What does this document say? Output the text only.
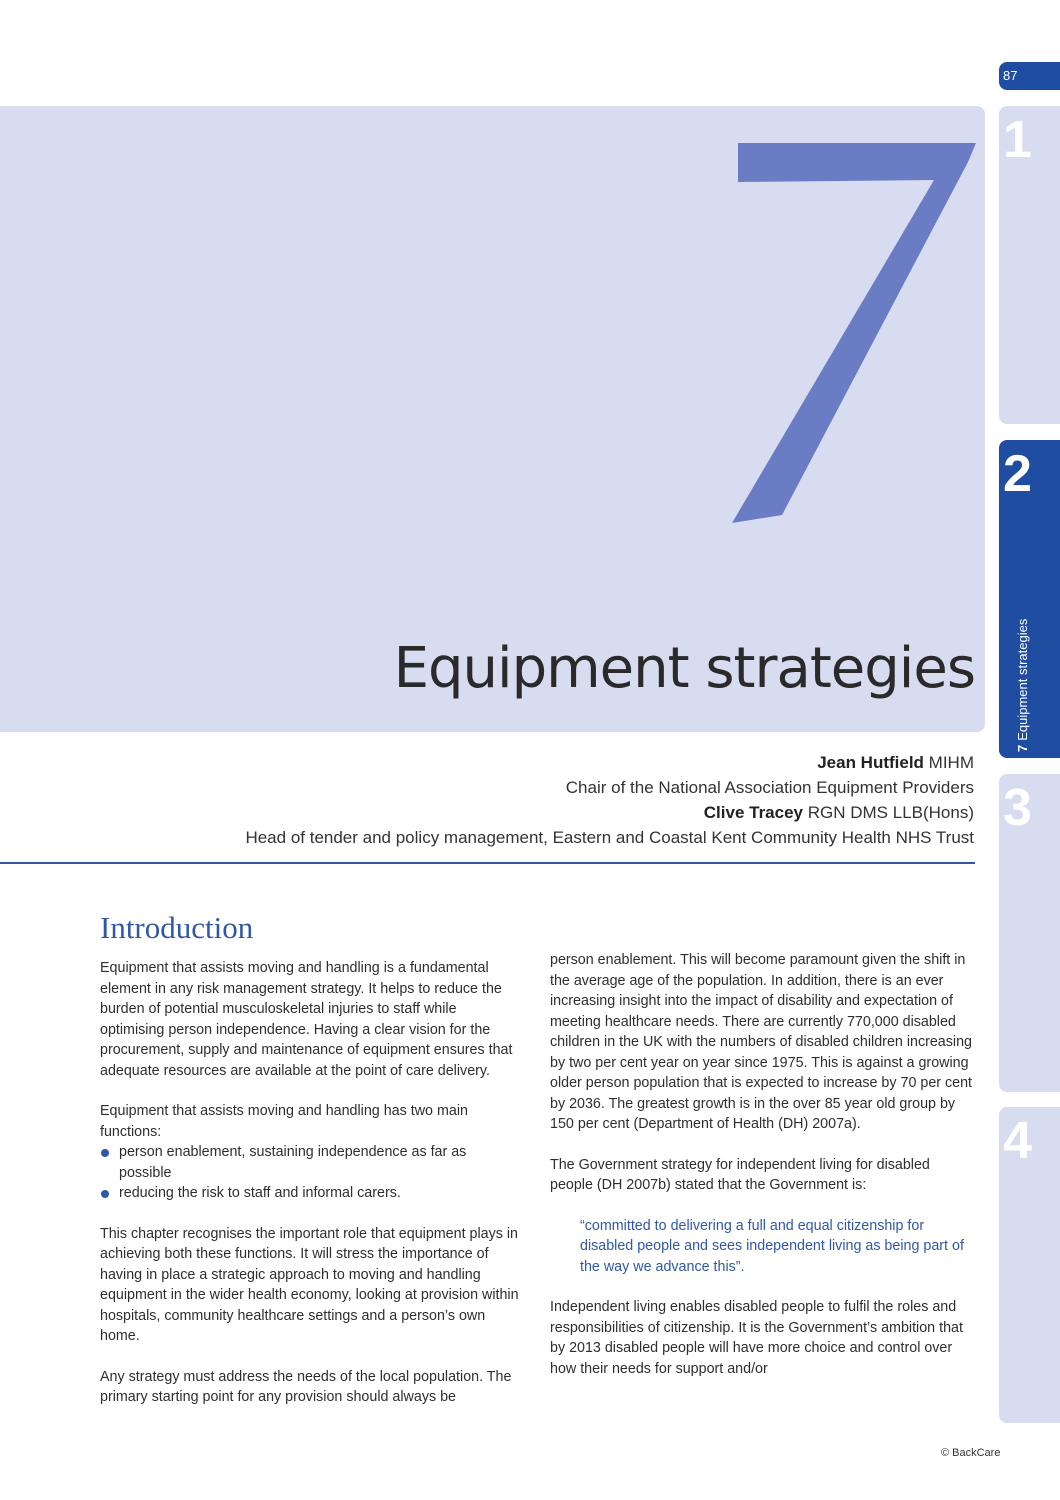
Equipment strategies
Jean Hutfield MIHM
Chair of the National Association Equipment Providers
Clive Tracey RGN DMS LLB(Hons)
Head of tender and policy management, Eastern and Coastal Kent Community Health NHS Trust
87
1
2
7Equipment strategies
3
4
Introduction

Equipment that assists moving and handling is a fundamental element in any risk management strategy. It helps to reduce the burden of potential musculoskeletal injuries to staff while optimising person independence. Having a clear vision for the procurement, supply and maintenance of equipment ensures that adequate resources are available at the point of care delivery.

Equipment that assists moving and handling has two main functions:

person enablement, sustaining independence as far as possible
reducing the risk to staff and informal carers.

This chapter recognises the important role that equipment plays in achieving both these functions. It will stress the importance of having in place a strategic approach to moving and handling equipment in the wider health economy, looking at provision within hospitals, community healthcare settings and a person’s own home.

Any strategy must address the needs of the local population. The primary starting point for any provision should always be

person enablement. This will become paramount given the shift in the average age of the population. In addition, there is an ever increasing insight into the impact of disability and expectation of meeting healthcare needs. There are currently 770,000 disabled children in the UK with the numbers of disabled children increasing by two per cent year on year since 1975. This is against a growing older person population that is expected to increase by 70 per cent by 2036. The greatest growth is in the over 85 year old group by 150 per cent (Department of Health (DH) 2007a).

The Government strategy for independent living for disabled people (DH 2007b) stated that the Government is:

“committed to delivering a full and equal citizenship for disabled people and sees independent living as being part of the way we advance this”.

Independent living enables disabled people to fulfil the roles and responsibilities of citizenship. It is the Government’s ambition that by 2013 disabled people will have more choice and control over how their needs for support and/or

© BackCare
